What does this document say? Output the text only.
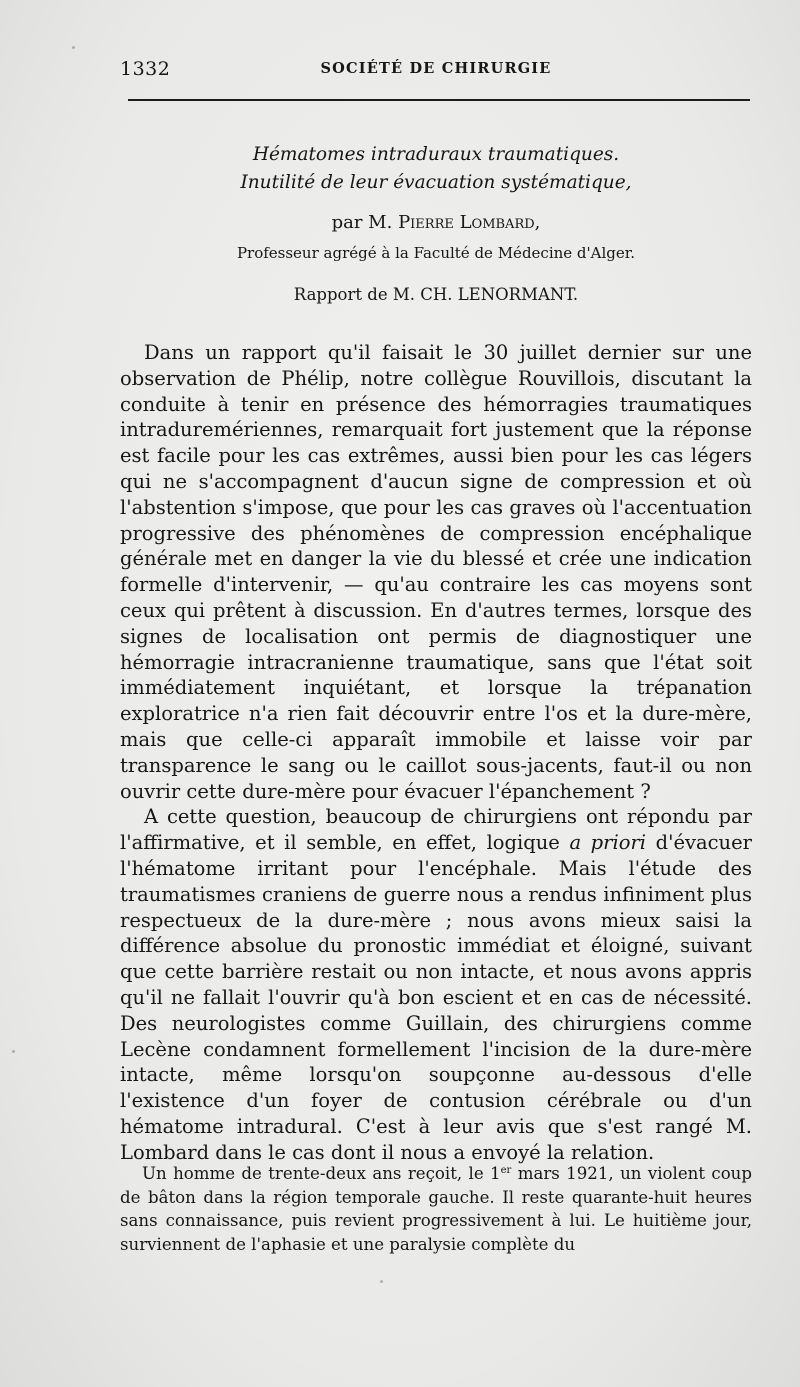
1332	SOCIÉTÉ DE CHIRURGIE
Hématomes intraduraux traumatiques.
Inutilité de leur évacuation systématique,
par M. Pierre Lombard,
Professeur agrégé à la Faculté de Médecine d'Alger.
Rapport de M. CH. LENORMANT.

Dans un rapport qu'il faisait le 30 juillet dernier sur une observation de Phélip, notre collègue Rouvillois, discutant la conduite à tenir en présence des hémorragies traumatiques intraduremériennes, remarquait fort justement que la réponse est facile pour les cas extrêmes, aussi bien pour les cas légers qui ne s'accompagnent d'aucun signe de compression et où l'abstention s'impose, que pour les cas graves où l'accentuation progressive des phénomènes de compression encéphalique générale met en danger la vie du blessé et crée une indication formelle d'intervenir, — qu'au contraire les cas moyens sont ceux qui prêtent à discussion. En d'autres termes, lorsque des signes de localisation ont permis de diagnostiquer une hémorragie intracranienne traumatique, sans que l'état soit immédiatement inquiétant, et lorsque la trépanation exploratrice n'a rien fait découvrir entre l'os et la dure-mère, mais que celle-ci apparaît immobile et laisse voir par transparence le sang ou le caillot sous-jacents, faut-il ou non ouvrir cette dure-mère pour évacuer l'épanchement ?

A cette question, beaucoup de chirurgiens ont répondu par l'affirmative, et il semble, en effet, logique a priori d'évacuer l'hématome irritant pour l'encéphale. Mais l'étude des traumatismes craniens de guerre nous a rendus infiniment plus respectueux de la dure-mère ; nous avons mieux saisi la différence absolue du pronostic immédiat et éloigné, suivant que cette barrière restait ou non intacte, et nous avons appris qu'il ne fallait l'ouvrir qu'à bon escient et en cas de nécessité. Des neurologistes comme Guillain, des chirurgiens comme Lecène condamnent formellement l'incision de la dure-mère intacte, même lorsqu'on soupçonne au-dessous d'elle l'existence d'un foyer de contusion cérébrale ou d'un hématome intradural. C'est à leur avis que s'est rangé M. Lombard dans le cas dont il nous a envoyé la relation.

Un homme de trente-deux ans reçoit, le 1er mars 1921, un violent coup de bâton dans la région temporale gauche. Il reste quarante-huit heures sans connaissance, puis revient progressivement à lui. Le huitième jour, surviennent de l'aphasie et une paralysie complète du
